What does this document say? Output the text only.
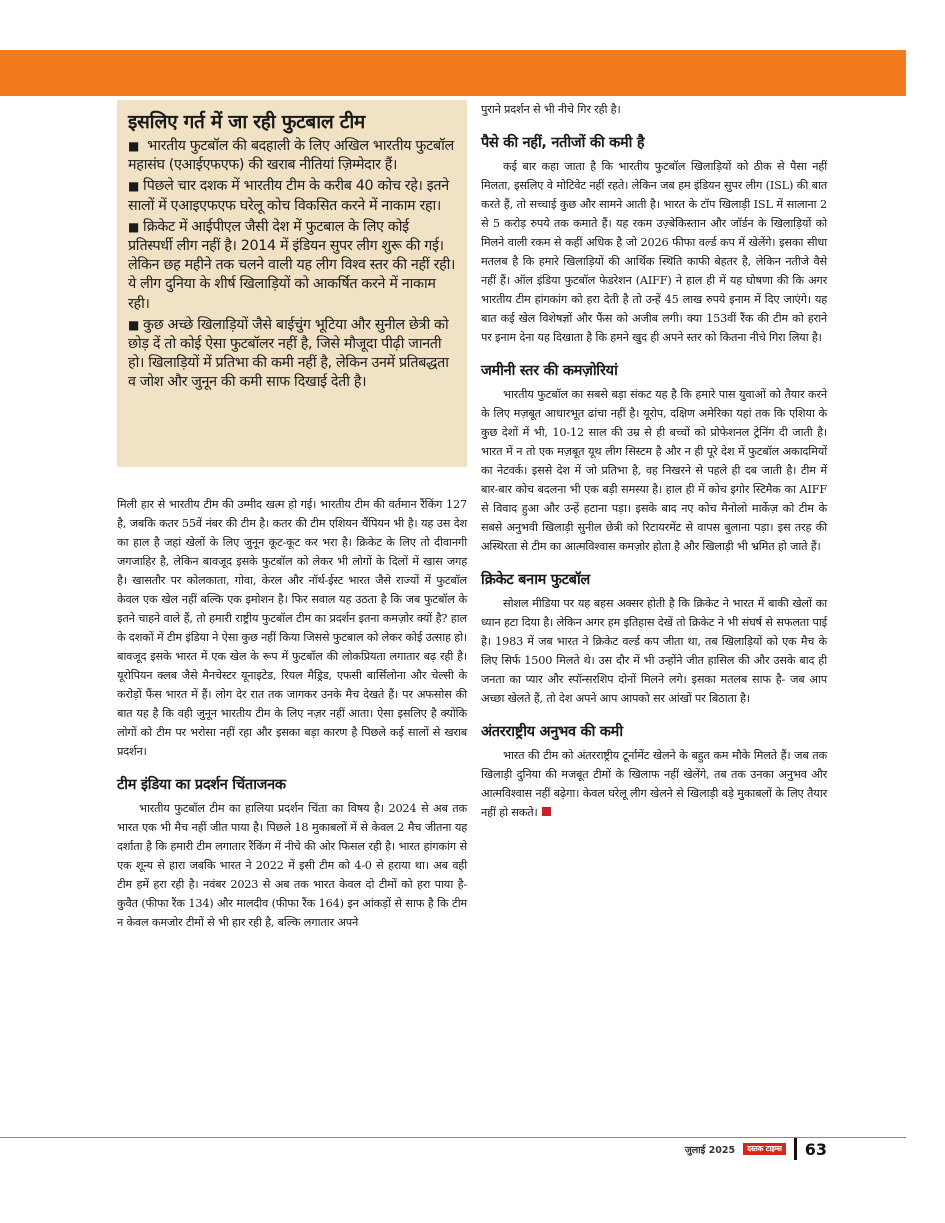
इसलिए गर्त में जा रही फुटबाल टीम

■ भारतीय फुटबॉल की बदहाली के लिए अखिल भारतीय फुटबॉल महासंघ (एआईएफएफ) की खराब नीतियां ज़िम्मेदार हैं।

■ पिछले चार दशक में भारतीय टीम के करीब 40 कोच रहे। इतने सालों में एआइएफएफ घरेलू कोच विकसित करने में नाकाम रहा।

■ क्रिकेट में आईपीएल जैसी देश में फुटबाल के लिए कोई प्रतिस्पर्धी लीग नहीं है। 2014 में इंडियन सुपर लीग शुरू की गई। लेकिन छह महीने तक चलने वाली यह लीग विश्व स्तर की नहीं रही। ये लीग दुनिया के शीर्ष खिलाड़ियों को आकर्षित करने में नाकाम रही।

■ कुछ अच्छे खिलाड़ियों जैसे बाईचुंग भूटिया और सुनील छेत्री को छोड़ दें तो कोई ऐसा फुटबॉलर नहीं है, जिसे मौजूदा पीढ़ी जानती हो। खिलाड़ियों में प्रतिभा की कमी नहीं है, लेकिन उनमें प्रतिबद्धता व जोश और जुनून की कमी साफ दिखाई देती है।

मिली हार से भारतीय टीम की उम्मीद खत्म हो गई। भारतीय टीम की वर्तमान रैंकिंग 127 है, जबकि कतर 55वें नंबर की टीम है। कतर की टीम एशियन चैंपियन भी है। यह उस देश का हाल है जहां खेलों के लिए जुनून कूट-कूट कर भरा है। क्रिकेट के लिए तो दीवानगी जगजाहिर है, लेकिन बावजूद इसके फुटबॉल को लेकर भी लोगों के दिलों में खास जगह है। खासतौर पर कोलकाता, गोवा, केरल और नॉर्थ-ईस्ट भारत जैसे राज्यों में फुटबॉल केवल एक खेल नहीं बल्कि एक इमोशन है। फिर सवाल यह उठता है कि जब फुटबॉल के इतने चाहने वाले हैं, तो हमारी राष्ट्रीय फुटबॉल टीम का प्रदर्शन इतना कमज़ोर क्यों है? हाल के दशकों में टीम इंडिया ने ऐसा कुछ नहीं किया जिससे फुटबाल को लेकर कोई उत्साह हो। बावजूद इसके भारत में एक खेल के रूप में फुटबॉल की लोकप्रियता लगातार बढ़ रही है। यूरोपियन क्लब जैसे मैनचेस्टर यूनाइटेड, रियल मैड्रिड, एफसी बार्सिलोना और चेल्सी के करोड़ों फैंस भारत में हैं। लोग देर रात तक जागकर उनके मैच देखते हैं। पर अफसोस की बात यह है कि वही जुनून भारतीय टीम के लिए नज़र नहीं आता। ऐसा इसलिए है क्योंकि लोगों को टीम पर भरोसा नहीं रहा और इसका बड़ा कारण है पिछले कई सालों से खराब प्रदर्शन।

टीम इंडिया का प्रदर्शन चिंताजनक

भारतीय फुटबॉल टीम का हालिया प्रदर्शन चिंता का विषय है। 2024 से अब तक भारत एक भी मैच नहीं जीत पाया है। पिछले 18 मुकाबलों में से केवल 2 मैच जीतना यह दर्शाता है कि हमारी टीम लगातार रैंकिंग में नीचे की ओर फिसल रही है। भारत हांगकांग से एक शून्य से हारा जबकि भारत ने 2022 में इसी टीम को 4-0 से हराया था। अब वही टीम हमें हरा रही है। नवंबर 2023 से अब तक भारत केवल दो टीमों को हरा पाया है- कुवैत (फीफा रैंक 134) और मालदीव (फीफा रैंक 164) इन आंकड़ों से साफ है कि टीम न केवल कमजोर टीमों से भी हार रही है, बल्कि लगातार अपने

पुराने प्रदर्शन से भी नीचे गिर रही है।

पैसे की नहीं, नतीजों की कमी है

कई बार कहा जाता है कि भारतीय फुटबॉल खिलाड़ियों को ठीक से पैसा नहीं मिलता, इसलिए वे मोटिवेट नहीं रहते। लेकिन जब हम इंडियन सुपर लीग (ISL) की बात करते हैं, तो सच्चाई कुछ और सामने आती है। भारत के टॉप खिलाड़ी ISL में सालाना 2 से 5 करोड़ रुपये तक कमाते हैं। यह रकम उज़्बेकिस्तान और जॉर्डन के खिलाड़ियों को मिलने वाली रकम से कहीं अधिक है जो 2026 फीफा वर्ल्ड कप में खेलेंगे। इसका सीधा मतलब है कि हमारे खिलाड़ियों की आर्थिक स्थिति काफी बेहतर है, लेकिन नतीजे वैसे नहीं हैं। ऑल इंडिया फुटबॉल फेडरेशन (AIFF) ने हाल ही में यह घोषणा की कि अगर भारतीय टीम हांगकांग को हरा देती है तो उन्हें 45 लाख रुपये इनाम में दिए जाएंगे। यह बात कई खेल विशेषज्ञों और फैंस को अजीब लगी। क्या 153वीं रैंक की टीम को हराने पर इनाम देना यह दिखाता है कि हमने खुद ही अपने स्तर को कितना नीचे गिरा लिया है।

जमीनी स्तर की कमज़ोरियां

भारतीय फुटबॉल का सबसे बड़ा संकट यह है कि हमारे पास युवाओं को तैयार करने के लिए मज़बूत आधारभूत ढांचा नहीं है। यूरोप, दक्षिण अमेरिका यहां तक कि एशिया के कुछ देशों में भी, 10-12 साल की उम्र से ही बच्चों को प्रोफेशनल ट्रेनिंग दी जाती है। भारत में न तो एक मज़बूत यूथ लीग सिस्टम है और न ही पूरे देश में फुटबॉल अकादमियों का नेटवर्क। इससे देश में जो प्रतिभा है, वह निखरने से पहले ही दब जाती है। टीम में बार-बार कोच बदलना भी एक बड़ी समस्या है। हाल ही में कोच इगोर स्टिमैक का AIFF से विवाद हुआ और उन्हें हटाना पड़ा। इसके बाद नए कोच मैनोलो मार्केज़ को टीम के सबसे अनुभवी खिलाड़ी सुनील छेत्री को रिटायरमेंट से वापस बुलाना पड़ा। इस तरह की अस्थिरता से टीम का आत्मविश्वास कमज़ोर होता है और खिलाड़ी भी भ्रमित हो जाते हैं।

क्रिकेट बनाम फुटबॉल

सोशल मीडिया पर यह बहस अक्सर होती है कि क्रिकेट ने भारत में बाकी खेलों का ध्यान हटा दिया है। लेकिन अगर हम इतिहास देखें तो क्रिकेट ने भी संघर्ष से सफलता पाई है। 1983 में जब भारत ने क्रिकेट वर्ल्ड कप जीता था, तब खिलाड़ियों को एक मैच के लिए सिर्फ 1500 मिलते थे। उस दौर में भी उन्होंने जीत हासिल की और उसके बाद ही जनता का प्यार और स्पॉन्सरशिप दोनों मिलने लगे। इसका मतलब साफ है- जब आप अच्छा खेलते हैं, तो देश अपने आप आपको सर आंखों पर बिठाता है।

अंतरराष्ट्रीय अनुभव की कमी

भारत की टीम को अंतरराष्ट्रीय टूर्नामेंट खेलने के बहुत कम मौके मिलते हैं। जब तक खिलाड़ी दुनिया की मजबूत टीमों के खिलाफ नहीं खेलेंगे, तब तक उनका अनुभव और आत्मविश्वास नहीं बढ़ेगा। केवल घरेलू लीग खेलने से खिलाड़ी बड़े मुकाबलों के लिए तैयार नहीं हो सकते।

जुलाई 2025	दस्तक टाइम्स 63
